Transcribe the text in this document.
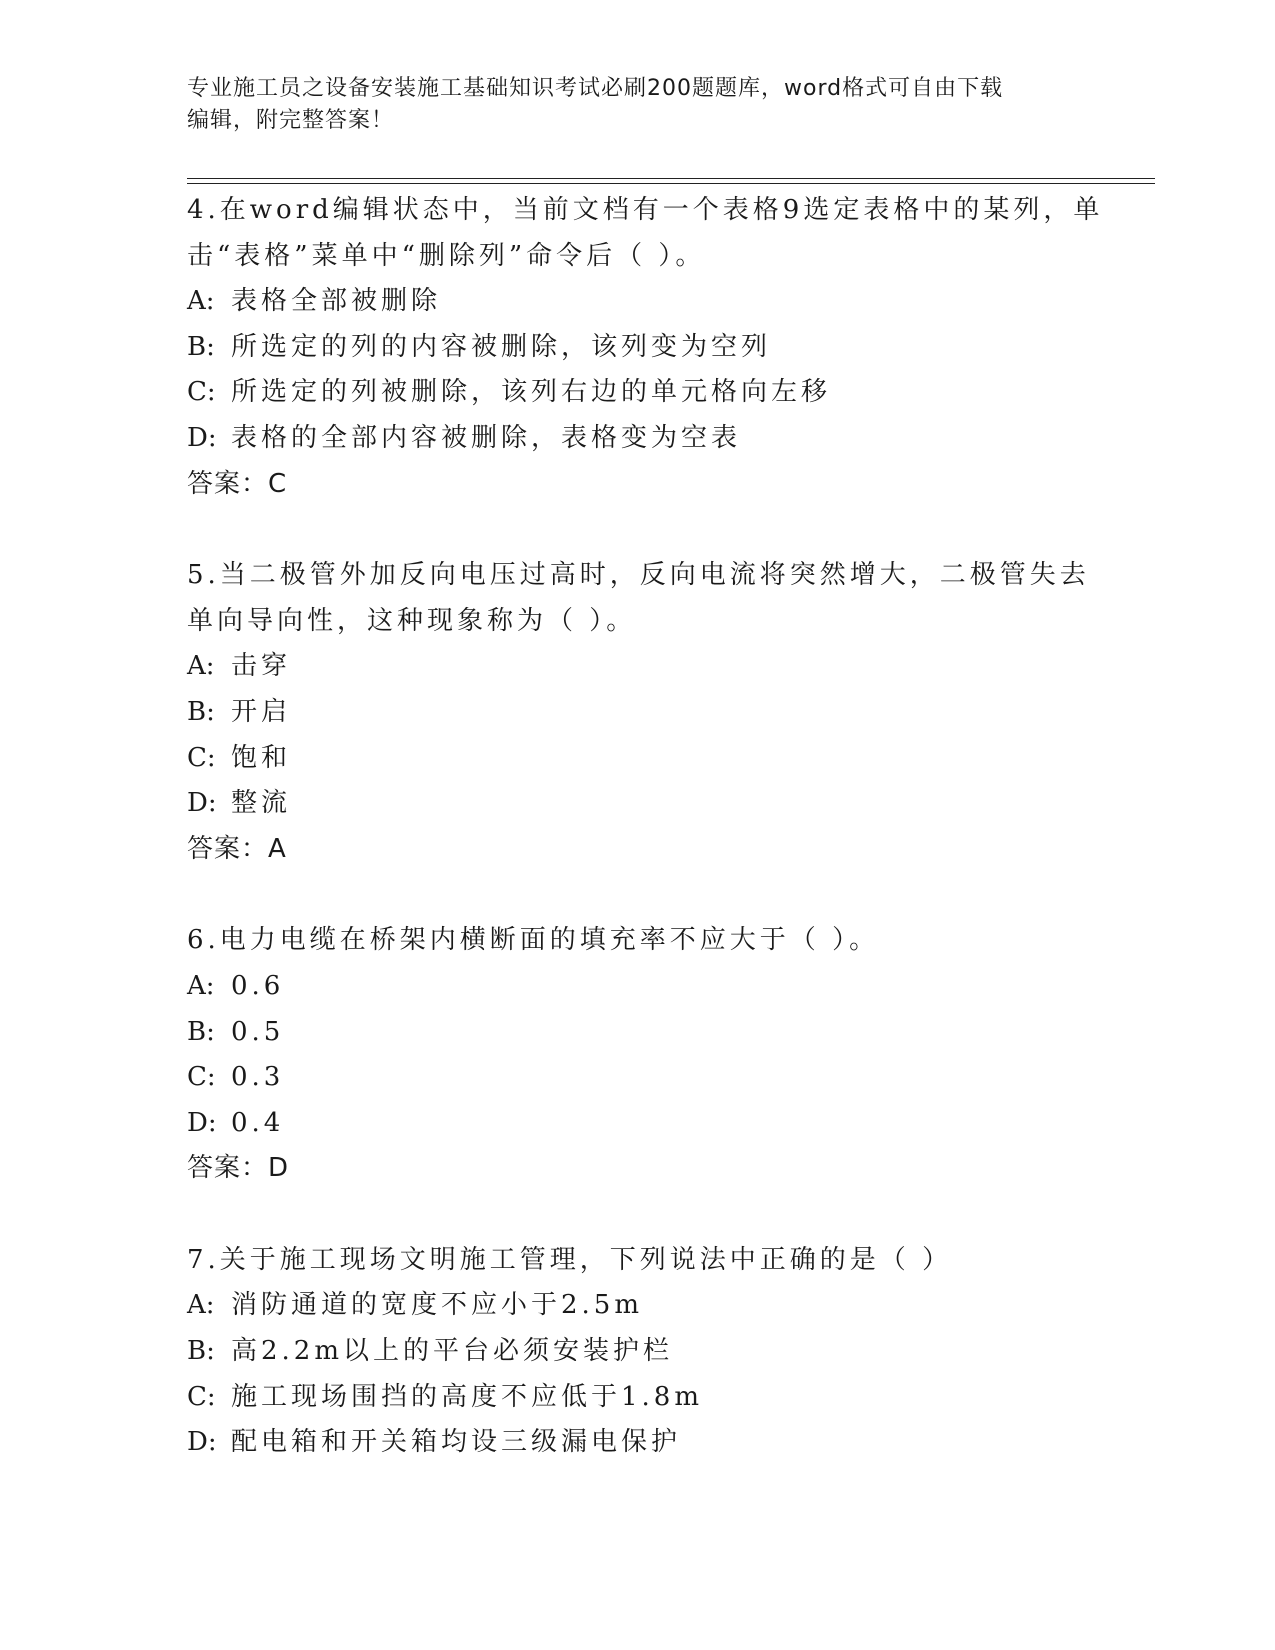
专业施工员之设备安装施工基础知识考试必刷200题题库，word格式可自由下载
编辑，附完整答案！
4.在word编辑状态中，当前文档有一个表格9选定表格中的某列，单
击“表格”菜单中“删除列”命令后（ ）。
A: 表格全部被删除
B: 所选定的列的内容被删除，该列变为空列
C: 所选定的列被删除，该列右边的单元格向左移
D: 表格的全部内容被删除，表格变为空表
答案：C
5.当二极管外加反向电压过高时，反向电流将突然增大，二极管失去
单向导向性，这种现象称为（ ）。
A: 击穿
B: 开启
C: 饱和
D: 整流
答案：A
6.电力电缆在桥架内横断面的填充率不应大于（ ）。
A: 0.6
B: 0.5
C: 0.3
D: 0.4
答案：D
7.关于施工现场文明施工管理，下列说法中正确的是（ ）
A: 消防通道的宽度不应小于2.5m
B: 高2.2m以上的平台必须安装护栏
C: 施工现场围挡的高度不应低于1.8m
D: 配电箱和开关箱均设三级漏电保护
